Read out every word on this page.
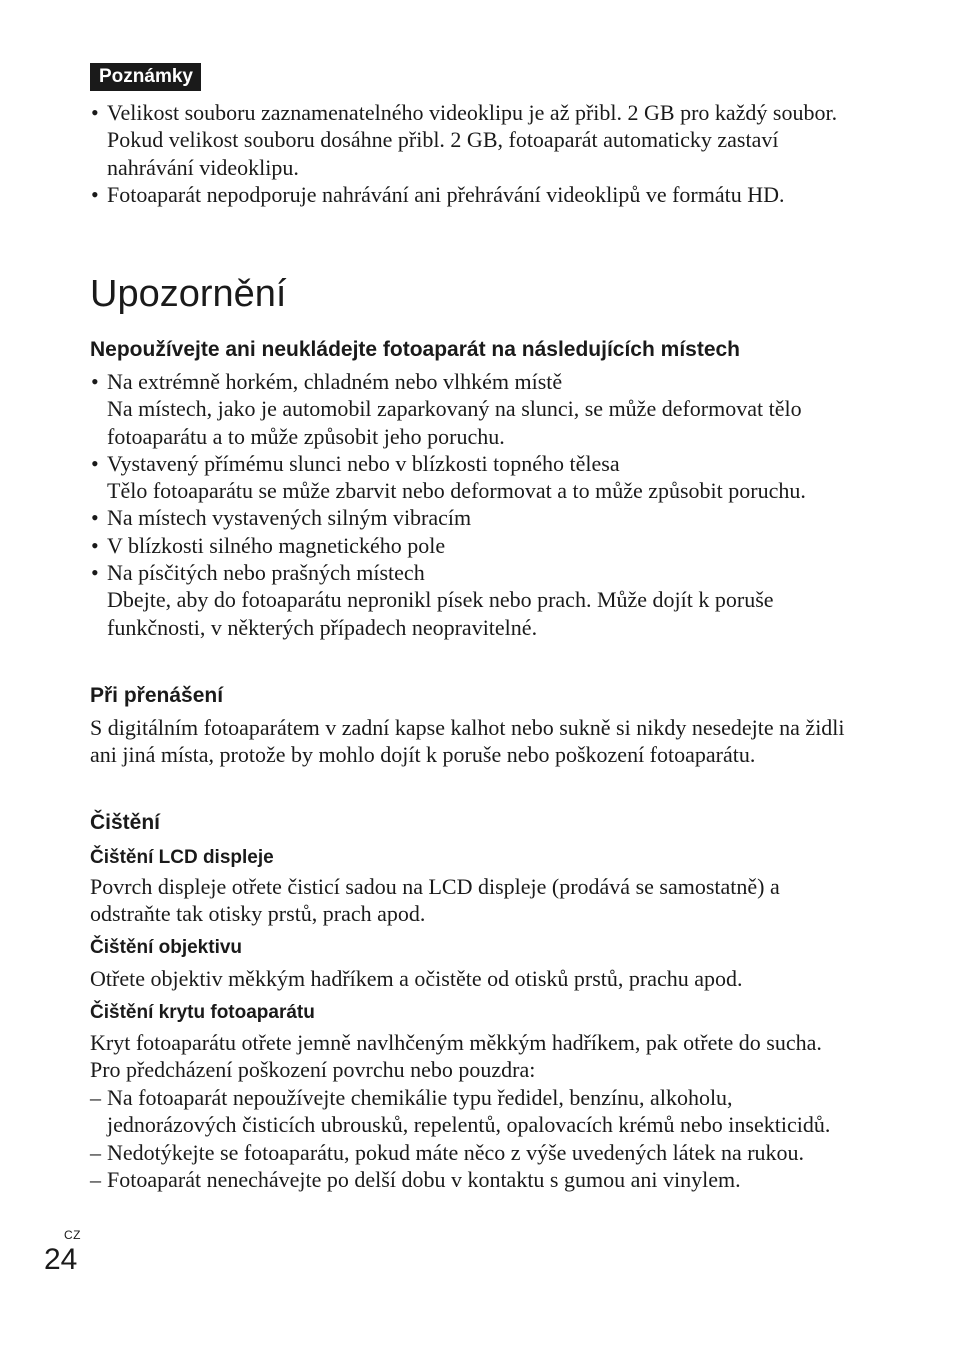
Poznámky
• Velikost souboru zaznamenatelného videoklipu je až přibl. 2 GB pro každý soubor. Pokud velikost souboru dosáhne přibl. 2 GB, fotoaparát automaticky zastaví nahrávání videoklipu.
• Fotoaparát nepodporuje nahrávání ani přehrávání videoklipů ve formátu HD.
Upozornění
Nepoužívejte ani neukládejte fotoaparát na následujících místech
• Na extrémně horkém, chladném nebo vlhkém místě
Na místech, jako je automobil zaparkovaný na slunci, se může deformovat tělo fotoaparátu a to může způsobit jeho poruchu.
• Vystavený přímému slunci nebo v blízkosti topného tělesa
Tělo fotoaparátu se může zbarvit nebo deformovat a to může způsobit poruchu.
• Na místech vystavených silným vibracím
• V blízkosti silného magnetického pole
• Na písčitých nebo prašných místech
Dbejte, aby do fotoaparátu nepronikl písek nebo prach. Může dojít k poruše funkčnosti, v některých případech neopravitelné.
Při přenášení

S digitálním fotoaparátem v zadní kapse kalhot nebo sukně si nikdy nesedejte na židli ani jiná místa, protože by mohlo dojít k poruše nebo poškození fotoaparátu.

Čištění
Čištění LCD displeje

Povrch displeje otřete čisticí sadou na LCD displeje (prodává se samostatně) a odstraňte tak otisky prstů, prach apod.

Čištění objektivu

Otřete objektiv měkkým hadříkem a očistěte od otisků prstů, prachu apod.

Čištění krytu fotoaparátu

Kryt fotoaparátu otřete jemně navlhčeným měkkým hadříkem, pak otřete do sucha. Pro předcházení poškození povrchu nebo pouzdra:

– Na fotoaparát nepoužívejte chemikálie typu ředidel, benzínu, alkoholu, jednorázových čisticích ubrousků, repelentů, opalovacích krémů nebo insekticidů.
– Nedotýkejte se fotoaparátu, pokud máte něco z výše uvedených látek na rukou.
– Fotoaparát nenechávejte po delší dobu v kontaktu s gumou ani vinylem.
CZ
24
